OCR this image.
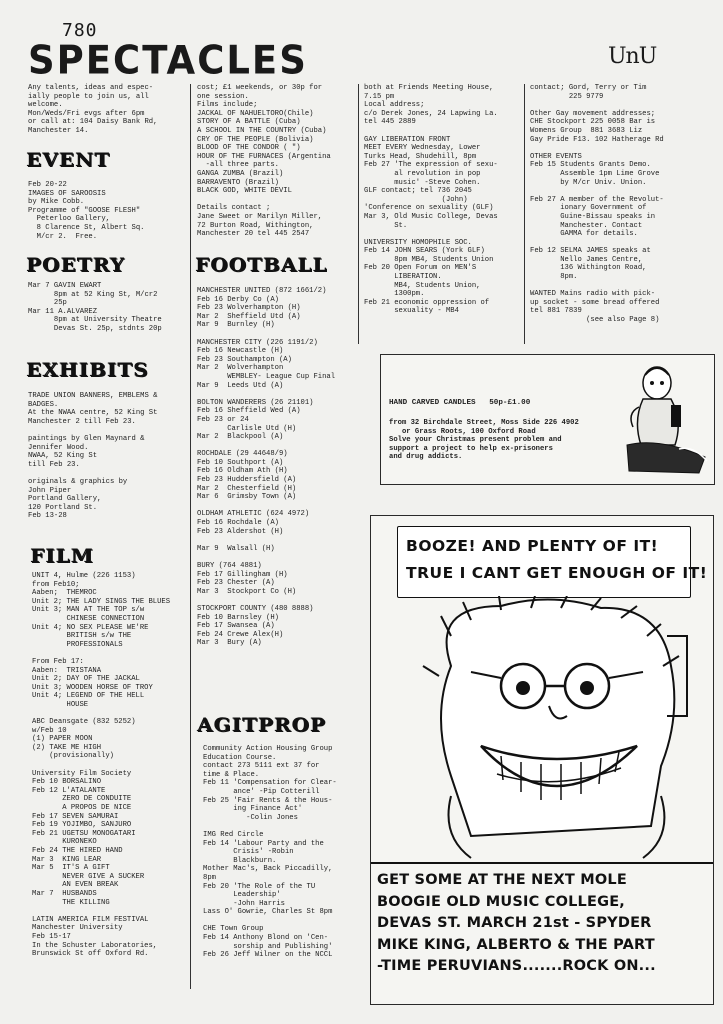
780
SPECTACLES	UnU
Any talents, ideas and espec-
ially people to join us, all
welcome.
Mon/Weds/Fri evgs after 6pm
or call at: 104 Daisy Bank Rd,
Manchester 14.
EVENT
Feb 20-22
IMAGES OF SAROOSIS
by Mike Cobb.
Programme of "GOOSE FLESH"
Peterloo Gallery,
8 Clarence St, Albert Sq.
M/cr 2.  Free.
POETRY
Mar 7 GAVIN EWART
8pm at 52 King St, M/cr2
25p
Mar 11 A.ALVAREZ
8pm at University Theatre
Devas St. 25p, stdnts 20p
EXHIBITS
TRADE UNION BANNERS, EMBLEMS &
BADGES.
At the NWAA centre, 52 King St
Manchester 2 till Feb 23.

paintings by Glen Maynard &
Jennifer Wood.
NWAA, 52 King St
till Feb 23.

originals & graphics by
John Piper
Portland Gallery,
120 Portland St.
Feb 13-28
FILM
UNIT 4, Hulme (226 1153)
from Feb10;
Aaben;  THEMROC
Unit 2; THE LADY SINGS THE BLUES
Unit 3; MAN AT THE TOP s/w
CHINESE CONNECTION
Unit 4; NO SEX PLEASE WE'RE
BRITISH s/w THE
PROFESSIONALS

From Feb 17:
Aaben:  TRISTANA
Unit 2; DAY OF THE JACKAL
Unit 3; WOODEN HORSE OF TROY
Unit 4; LEGEND OF THE HELL
HOUSE

ABC Deansgate (832 5252)
w/Feb 10
(1) PAPER MOON
(2) TAKE ME HIGH
(provisionally)

University Film Society
Feb 10 BORSALINO
Feb 12 L'ATALANTE
ZERO DE CONDUITE
A PROPOS DE NICE
Feb 17 SEVEN SAMURAI
Feb 19 YOJIMBO, SANJURO
Feb 21 UGETSU MONOGATARI
KURONEKO
Feb 24 THE HIRED HAND
Mar 3  KING LEAR
Mar 5  IT'S A GIFT
NEVER GIVE A SUCKER
AN EVEN BREAK
Mar 7  HUSBANDS
THE KILLING

LATIN AMERICA FILM FESTIVAL
Manchester University
Feb 15-17
In the Schuster Laboratories,
Brunswick St off Oxford Rd.
cost; £1 weekends, or 30p for
one session.
Films include;
JACKAL OF NAHUELTORO(Chile)
STORY OF A BATTLE (Cuba)
A SCHOOL IN THE COUNTRY (Cuba)
CRY OF THE PEOPLE (Bolivia)
BLOOD OF THE CONDOR ( ")
HOUR OF THE FURNACES (Argentina
-all three parts.
GANGA ZUMBA (Brazil)
BARRAVENTO (Brazil)
BLACK GOD, WHITE DEVIL

Details contact ;
Jane Sweet or Marilyn Miller,
72 Burton Road, Withington,
Manchester 20 tel 445 2547
FOOTBALL
MANCHESTER UNITED (872 1661/2)
Feb 16 Derby Co (A)
Feb 23 Wolverhampton (H)
Mar 2  Sheffield Utd (A)
Mar 9  Burnley (H)

MANCHESTER CITY (226 1191/2)
Feb 16 Newcastle (H)
Feb 23 Southampton (A)
Mar 2  Wolverhampton
WEMBLEY- League Cup Final
Mar 9  Leeds Utd (A)

BOLTON WANDERERS (26 21101)
Feb 16 Sheffield Wed (A)
Feb 23 or 24
Carlisle Utd (H)
Mar 2  Blackpool (A)

ROCHDALE (29 44648/9)
Feb 10 Southport (A)
Feb 16 Oldham Ath (H)
Feb 23 Huddersfield (A)
Mar 2  Chesterfield (H)
Mar 6  Grimsby Town (A)

OLDHAM ATHLETIC (624 4972)
Feb 16 Rochdale (A)
Feb 23 Aldershot (H)

Mar 9  Walsall (H)

BURY (764 4881)
Feb 17 Gillingham (H)
Feb 23 Chester (A)
Mar 3  Stockport Co (H)

STOCKPORT COUNTY (480 8888)
Feb 10 Barnsley (H)
Feb 17 Swansea (A)
Feb 24 Crewe Alex(H)
Mar 3  Bury (A)
AGITPROP
Community Action Housing Group
Education Course.
contact 273 5111 ext 37 for
time & Place.
Feb 11 'Compensation for Clear-
ance' -Pip Cotterill
Feb 25 'Fair Rents & the Hous-
ing Finance Act'
-Colin Jones

IMG Red Circle
Feb 14 'Labour Party and the
Crisis' -Robin
Blackburn.
Mother Mac's, Back Piccadilly,
8pm
Feb 20 'The Role of the TU
Leadership'
-John Harris
Lass O' Gowrie, Charles St 8pm

CHE Town Group
Feb 14 Anthony Blond on 'Cen-
sorship and Publishing'
Feb 26 Jeff Wilner on the NCCL
both at Friends Meeting House,
7.15 pm
Local address;
c/o Derek Jones, 24 Lapwing La.
tel 445 2889

GAY LIBERATION FRONT
MEET EVERY Wednesday, Lower
Turks Head, Shudehill, 8pm
Feb 27 'The expression of sexu-
al revolution in pop
music' -Steve Cohen.
GLF contact; tel 736 2045
(John)
'Conference on sexuality (GLF)
Mar 3, Old Music College, Devas
St.

UNIVERSITY HOMOPHILE SOC.
Feb 14 JOHN SEARS (York GLF)
8pm MB4, Students Union
Feb 20 Open Forum on MEN'S
LIBERATION.
MB4, Students Union,
1300pm.
Feb 21 economic oppression of
sexuality - MB4
contact; Gord, Terry or Tim
225 9779

Other Gay movement addresses;
CHE Stockport 225 0058 Bar is
Womens Group  881 3683 Liz
Gay Pride F13. 102 Hatherage Rd

OTHER EVENTS
Feb 15 Students Grants Demo.
Assemble 1pm Lime Grove
by M/cr Univ. Union.

Feb 27 A member of the Revolut-
ionary Government of
Guine-Bissau speaks in
Manchester. Contact
GAMMA for details.

Feb 12 SELMA JAMES speaks at
Nello James Centre,
136 Withington Road,
8pm.

WANTED Mains radio with pick-
up socket - some bread offered
tel 881 7839
(see also Page 8)
HAND CARVED CANDLES   50p-£1.00
from 32 Birchdale Street, Moss Side 226 4902
or Grass Roots, 100 Oxford Road
Solve your Christmas present problem and
support a project to help ex-prisoners
and drug addicts.
BOOZE! AND PLENTY OF IT!
TRUE I CANT GET ENOUGH OF IT!
GET SOME AT THE NEXT MOLE
BOOGIE OLD MUSIC COLLEGE,
DEVAS ST. MARCH 21st - SPYDER
MIKE KING, ALBERTO & THE PART
-TIME PERUVIANS.......ROCK ON...
